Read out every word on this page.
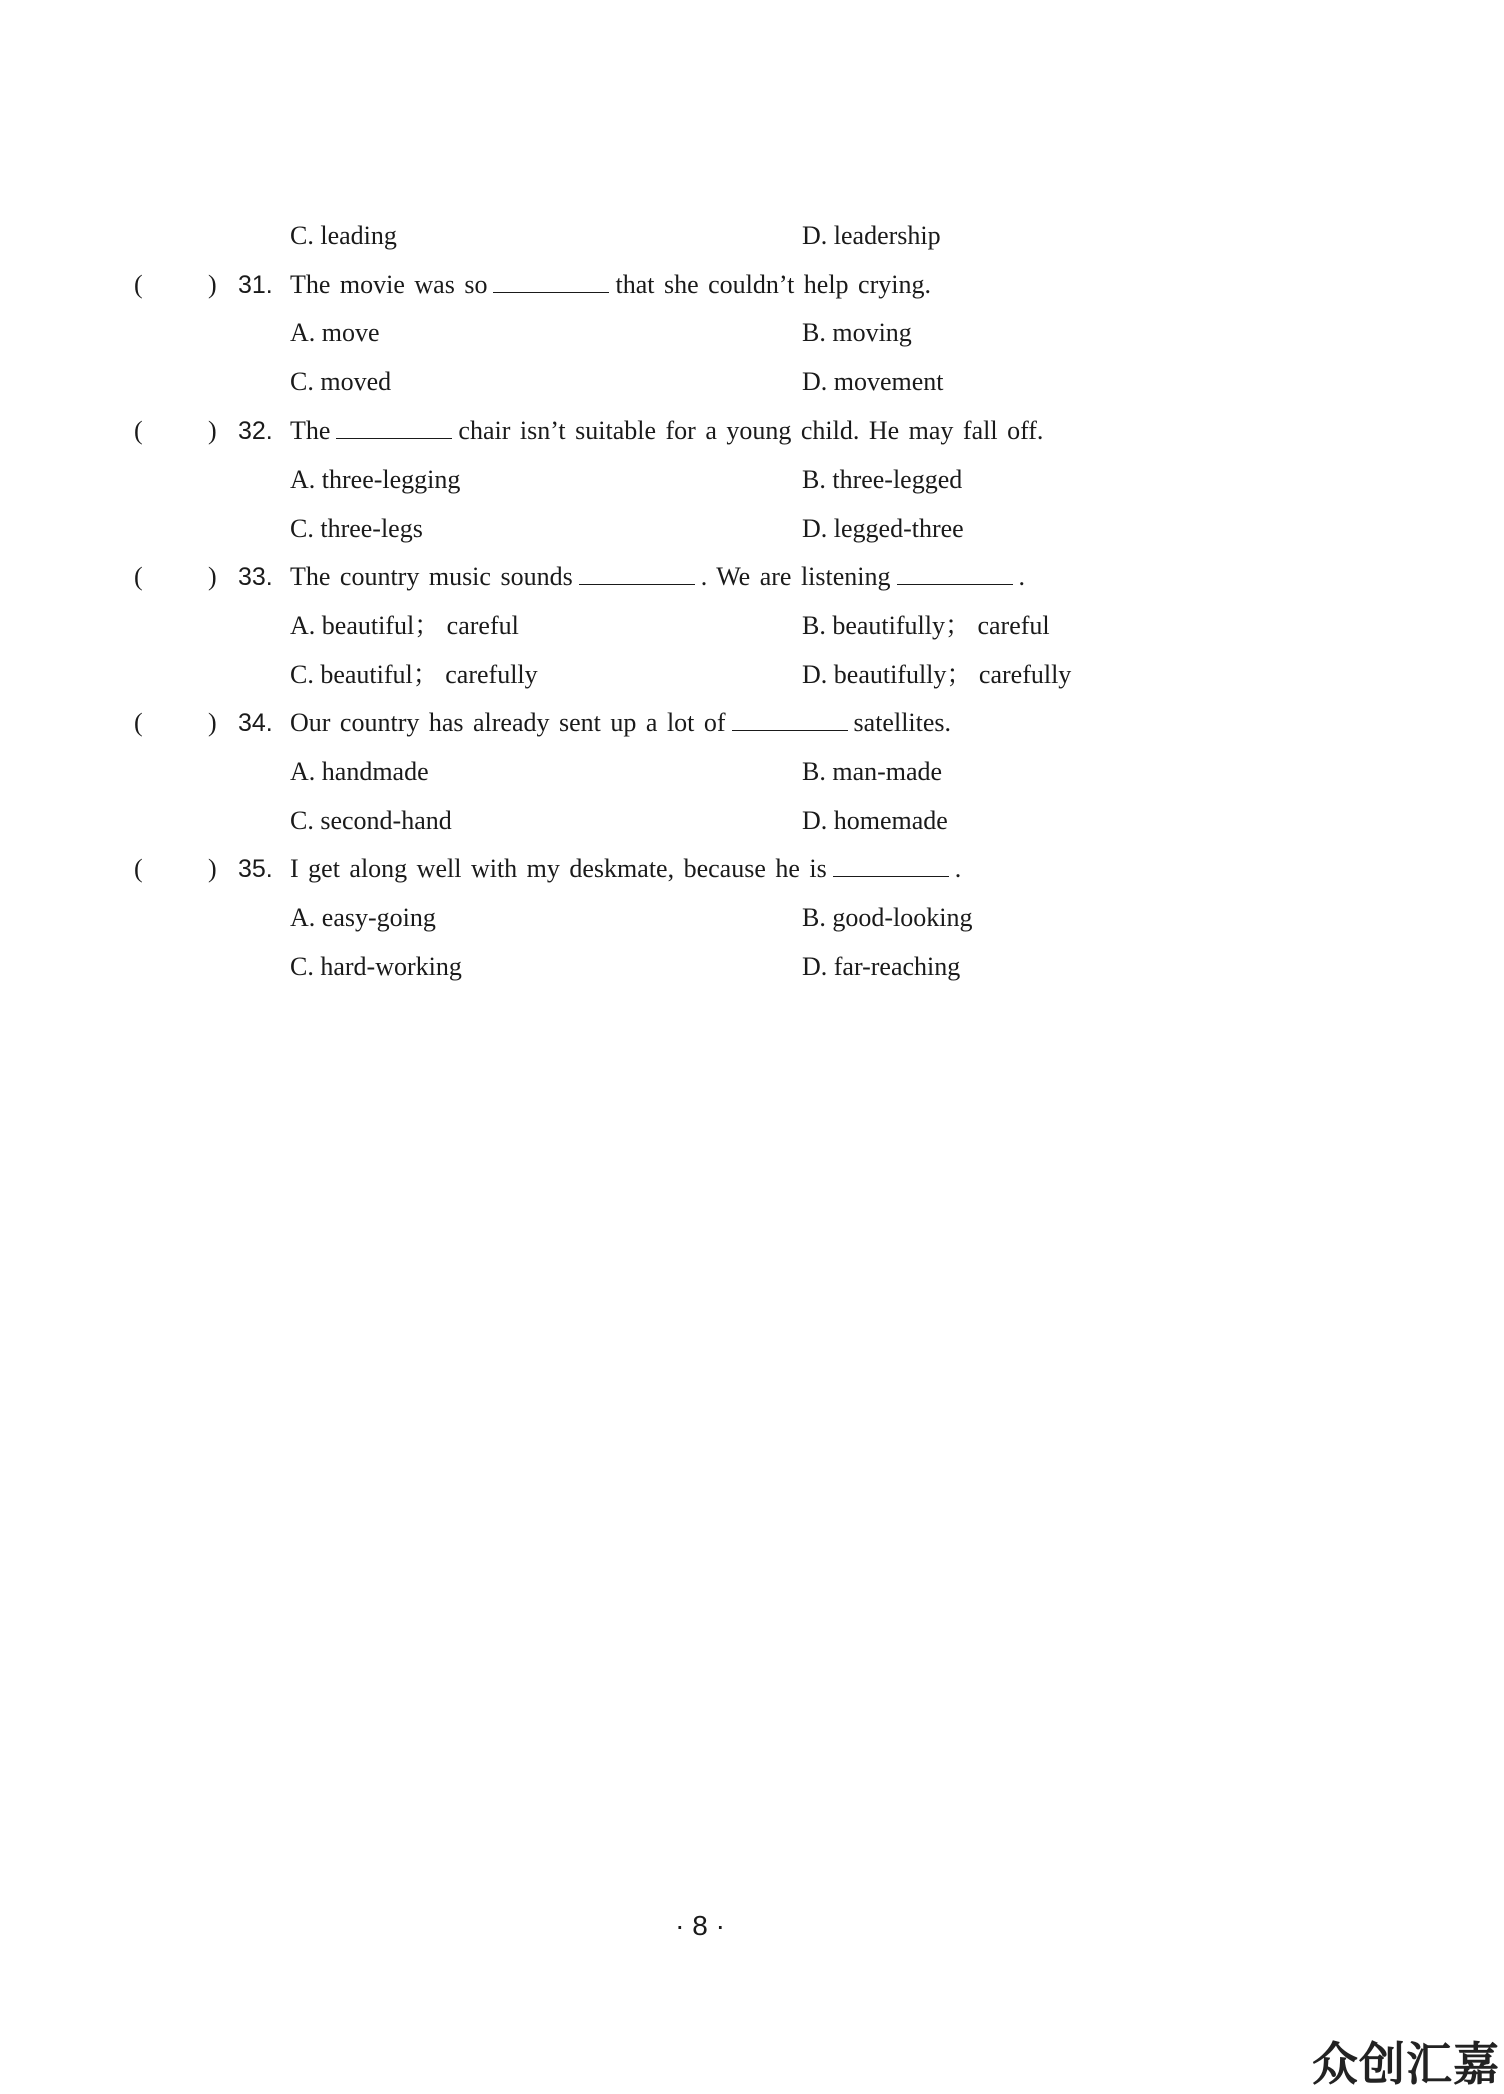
C. leading	D. leadership
(	) 31. The movie was so	that she couldn’t help crying.
A. move	B. moving
C. moved	D. movement
(	) 32. The	chair isn’t suitable for a young child. He may fall off.
A. three-legging	B. three-legged
C. three-legs	D. legged-three
(	) 33. The country music sounds	. We are listening	.
A. beautiful； careful	B. beautifully； careful
C. beautiful； carefully	D. beautifully； carefully
(	) 34. Our country has already sent up a lot of	satellites.
A. handmade	B. man-made
C. second-hand	D. homemade
(	) 35. I get along well with my deskmate, because he is	.
A. easy-going	B. good-looking
C. hard-working	D. far-reaching
· 8 ·
众创汇嘉
